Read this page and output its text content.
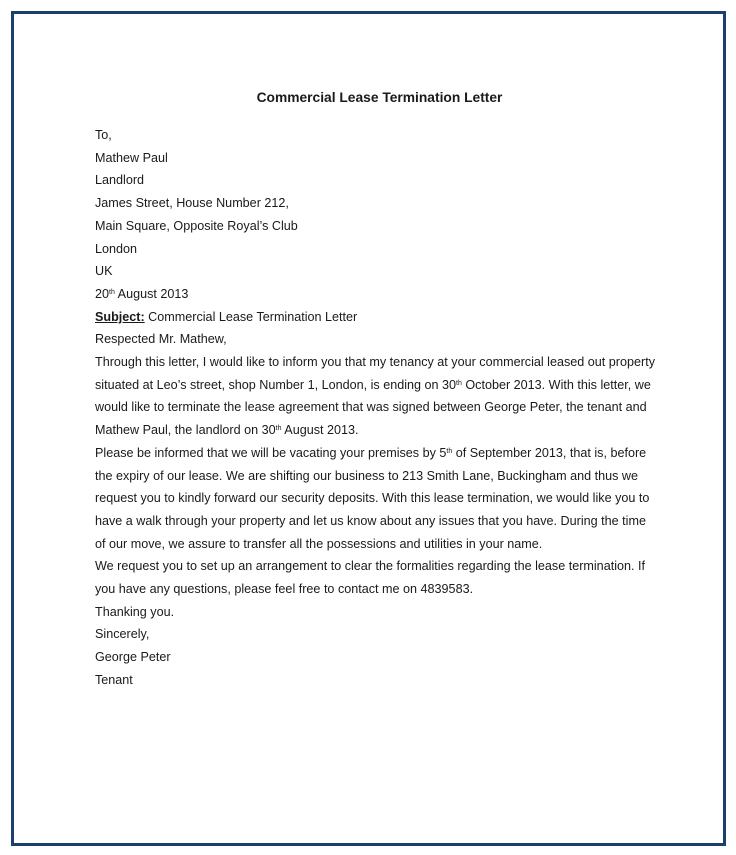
Commercial Lease Termination Letter
To,
Mathew Paul
Landlord
James Street, House Number 212,
Main Square, Opposite Royal’s Club
London
UK
20th August 2013
Subject: Commercial Lease Termination Letter
Respected Mr. Mathew,
Through this letter, I would like to inform you that my tenancy at your commercial leased out property
situated at Leo’s street, shop Number 1, London, is ending on 30th October 2013. With this letter, we
would like to terminate the lease agreement that was signed between George Peter, the tenant and
Mathew Paul, the landlord on 30th August 2013.
Please be informed that we will be vacating your premises by 5th of September 2013, that is, before
the expiry of our lease. We are shifting our business to 213 Smith Lane, Buckingham and thus we
request you to kindly forward our security deposits. With this lease termination, we would like you to
have a walk through your property and let us know about any issues that you have. During the time
of our move, we assure to transfer all the possessions and utilities in your name.
We request you to set up an arrangement to clear the formalities regarding the lease termination. If
you have any questions, please feel free to contact me on 4839583.
Thanking you.
Sincerely,
George Peter
Tenant
